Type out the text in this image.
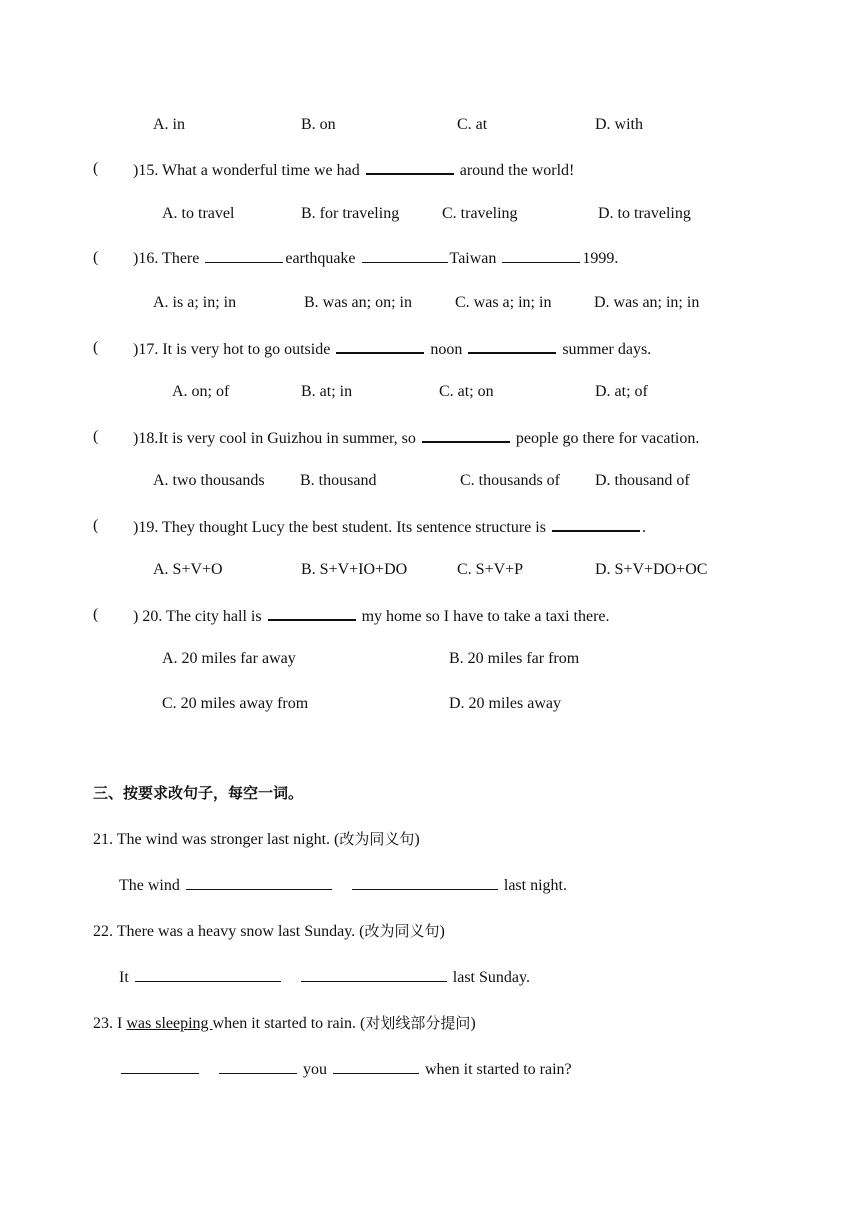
A. in	B. on	C. at	D. with
( )15. What a wonderful time we had	around the world!
A. to travel	B. for traveling	C. traveling	D. to traveling
( )16. There	earthquake	Taiwan	1999.
A. is a; in; in	B. was an; on; in	C. was a; in; in	D. was an; in; in
( )17. It is very hot to go outside	noon	summer days.
A. on; of	B. at; in	C. at; on	D. at; of
( )18.It is very cool in Guizhou in summer, so	people go there for vacation.
A. two thousands B. thousand	C. thousands of D. thousand of
( )19. They thought Lucy the best student. Its sentence structure is	.
A. S+V+O	B. S+V+IO+DO	C. S+V+P	D. S+V+DO+OC
( ) 20. The city hall is	my home so I have to take a taxi there.
A. 20 miles far away	B. 20 miles far from
C. 20 miles away from	D. 20 miles away
三、按要求改句子，每空一词。
21. The wind was stronger last night. (改为同义句)
The wind	last night.
22. There was a heavy snow last Sunday. (改为同义句)
It	last Sunday.
23. I was sleeping when it started to rain. (对划线部分提问)
you	when it started to rain?
